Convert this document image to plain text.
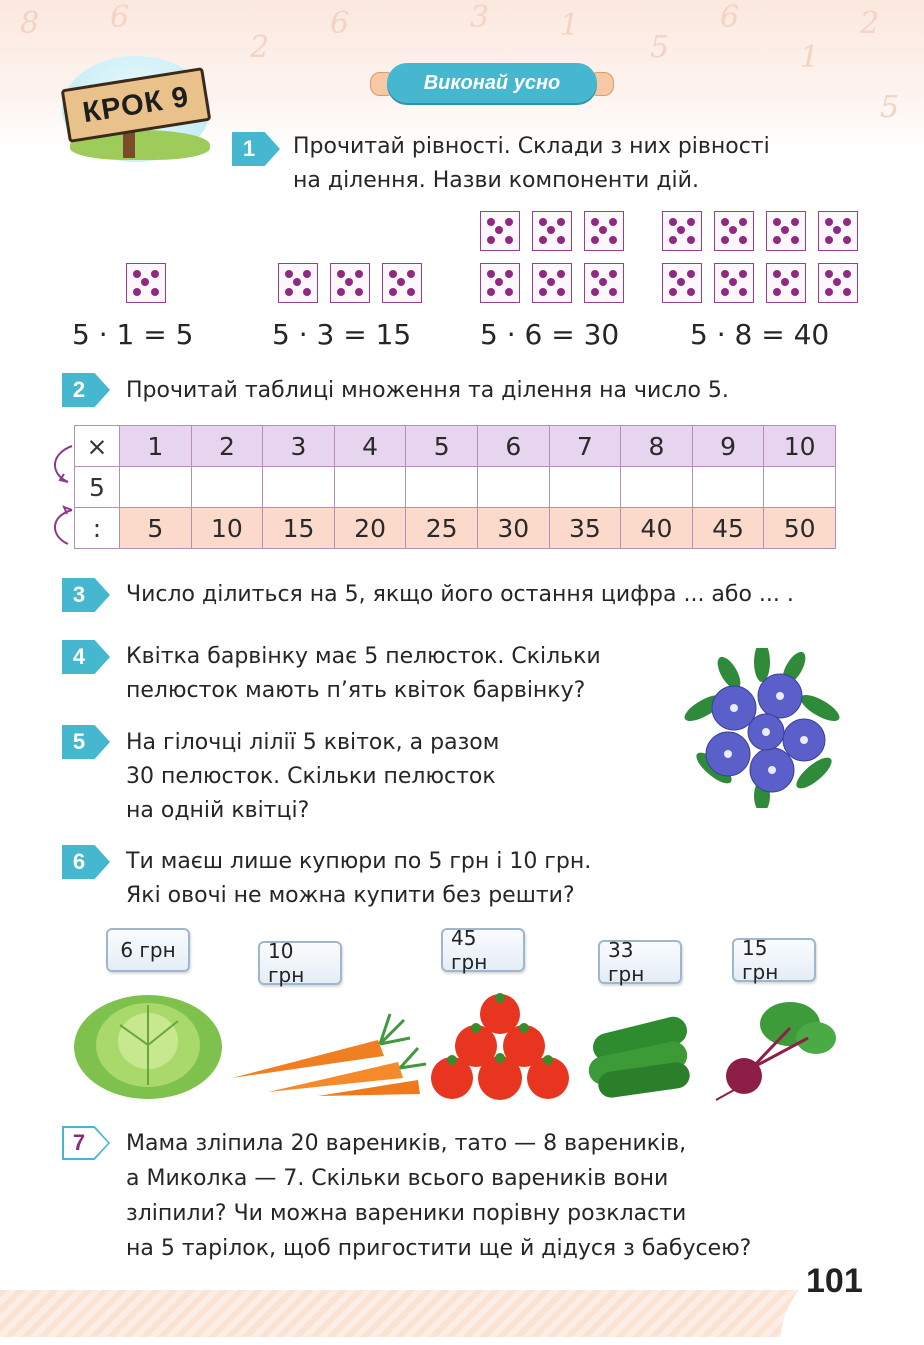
8 6
2
6	3 1
5
6
1
2
5
101
КРОК 9	Виконай усно
1	Прочитай рівності. Склади з них рівності
на ділення. Назви компоненти дій.
5 · 1 = 5	5 · 3 = 15 5 · 6 = 30	5 · 8 = 40
2	Прочитай таблиці множення та ділення на число 5.
×	1	2	3	4	5	6	7	8	9	10
5										
:	5	10	15	20	25	30	35	40	45	50
3	Число ділиться на 5, якщо його остання цифра ... або ... .
4	Квітка барвінку має 5 пелюсток. Скільки
пелюсток мають п’ять квіток барвінку?
5	На гілочці лілії 5 квіток, а разом
30 пелюсток. Скільки пелюсток
на одній квітці?
6	Ти маєш лише купюри по 5 грн і 10 грн.
Які овочі не можна купити без решти?
6 грн	10 грн
45 грн	33 грн
15 грн
7	Мама зліпила 20 вареників, тато — 8 вареників,
а Миколка — 7. Скільки всього вареників вони
зліпили? Чи можна вареники порівну розкласти
на 5 тарілок, щоб пригостити ще й дідуся з бабусею?
